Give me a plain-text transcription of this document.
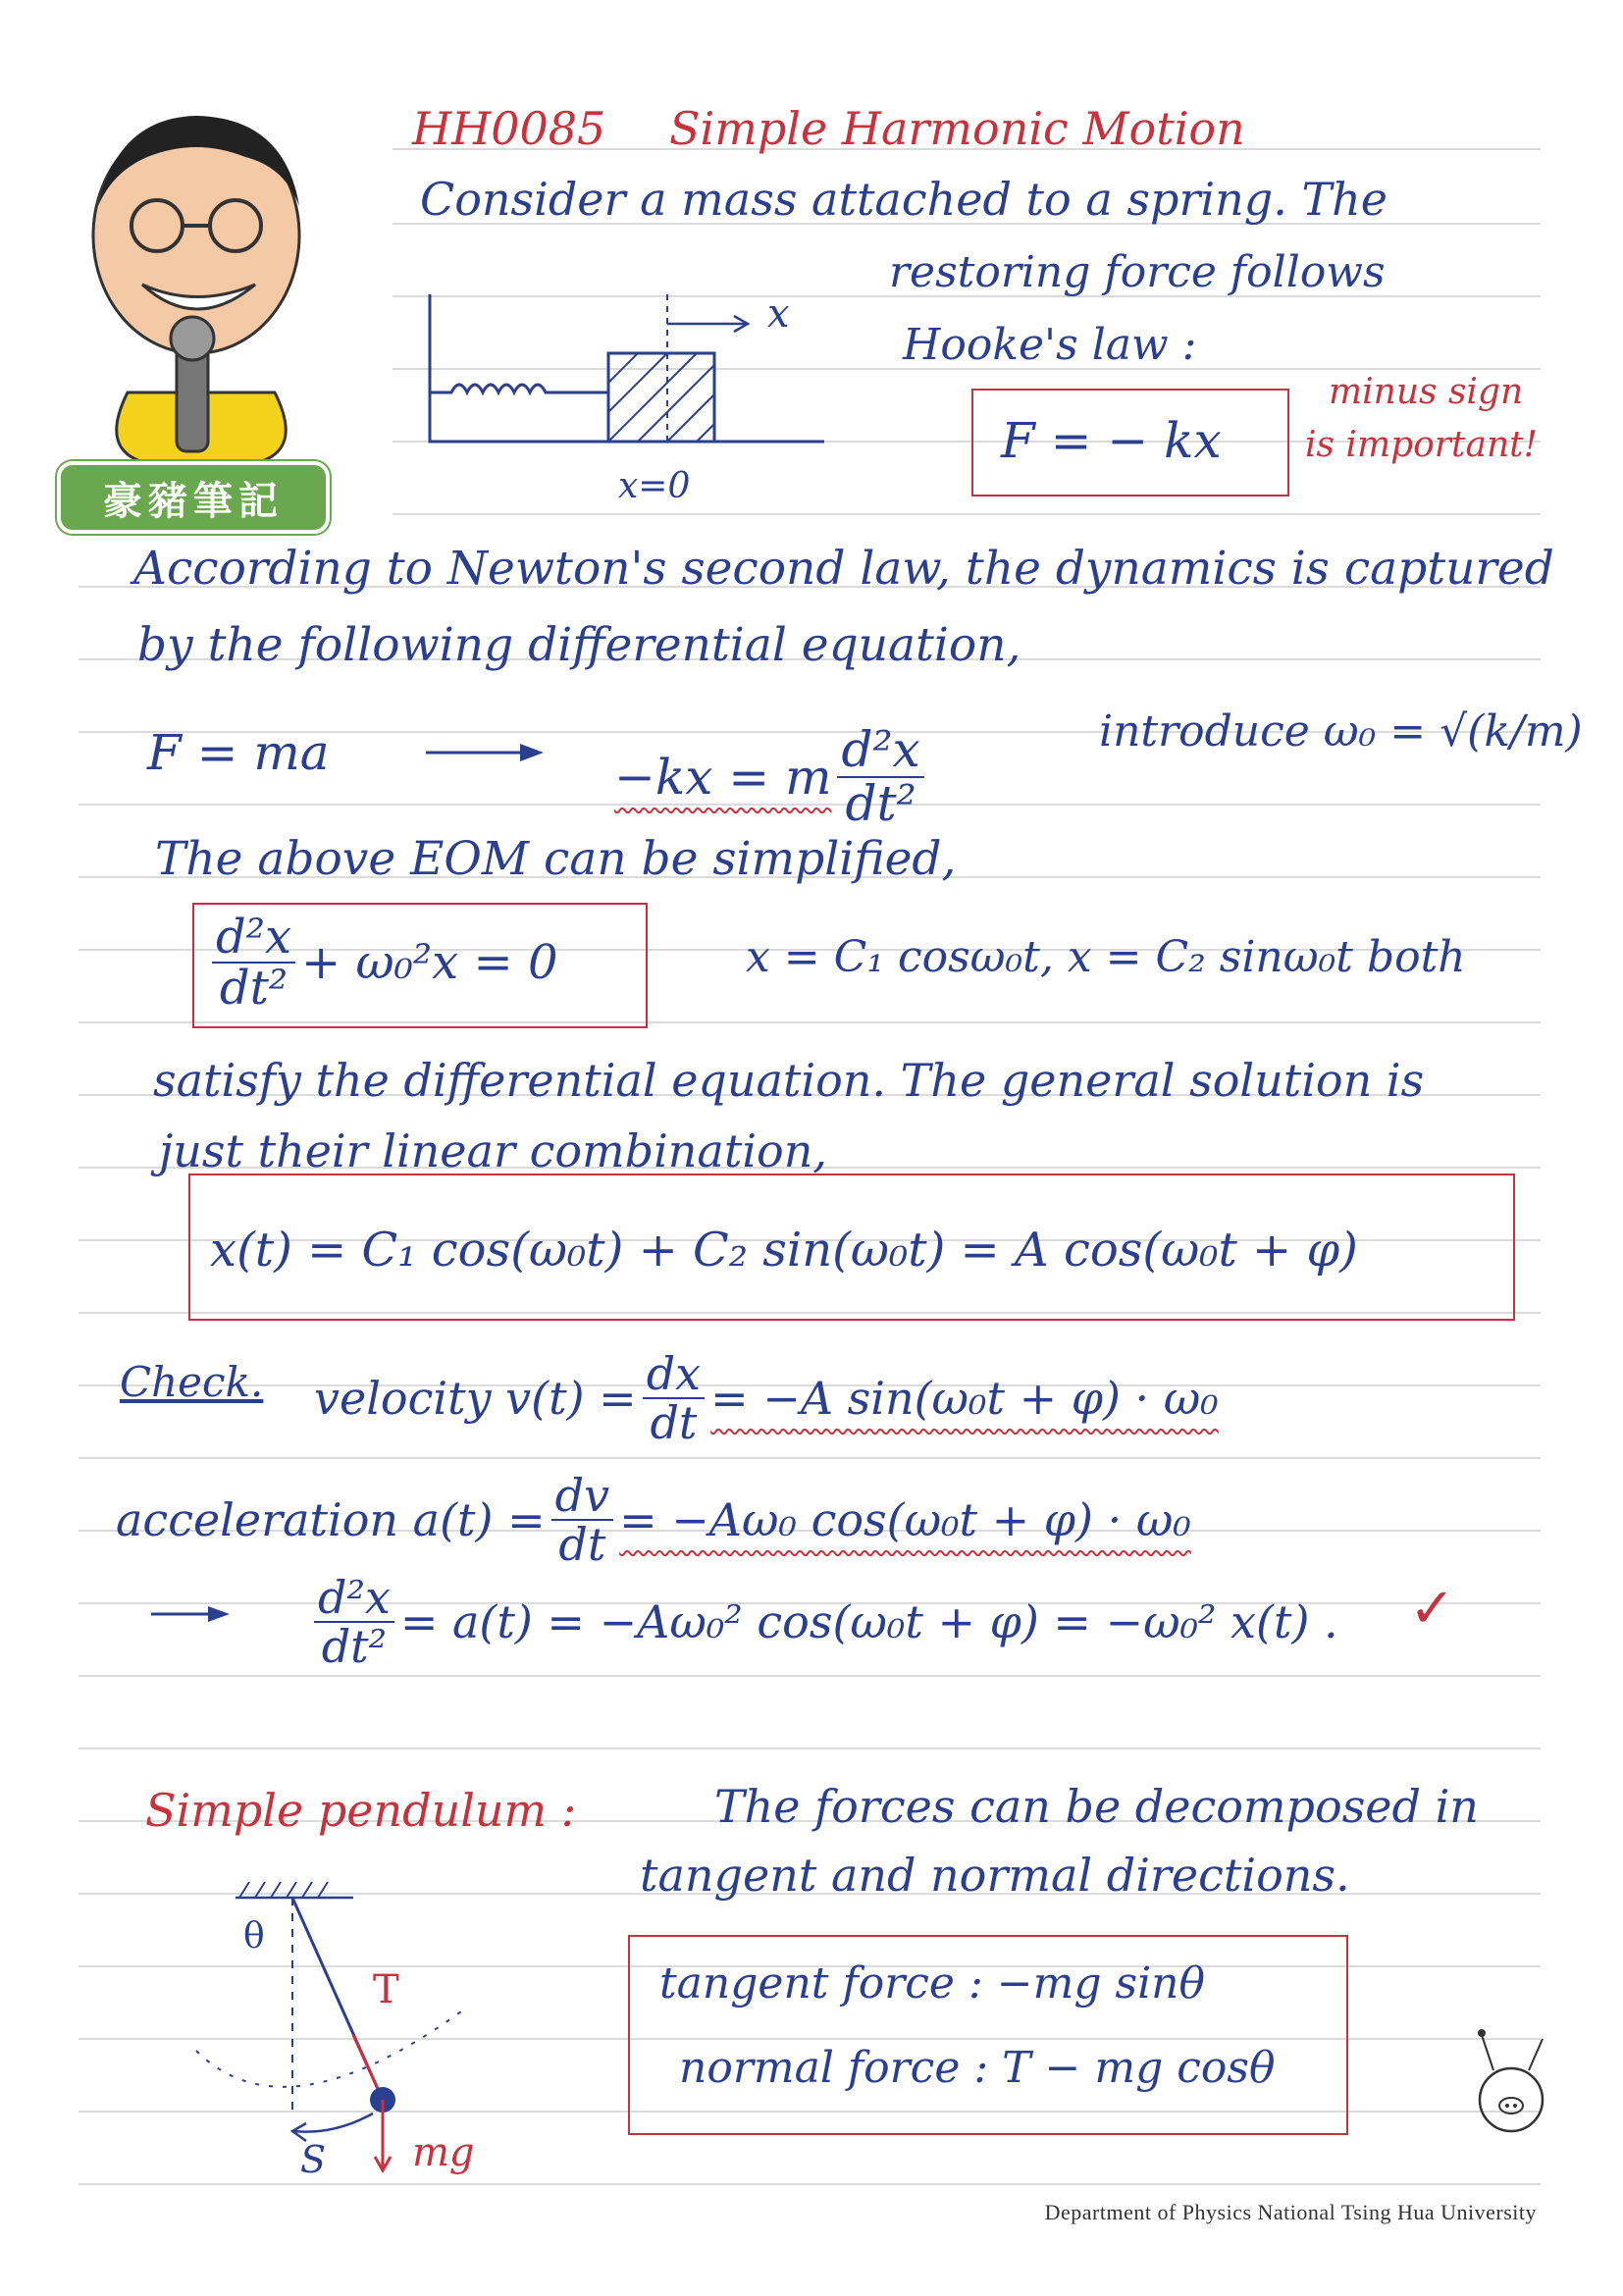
豪豬筆記
HH0085 Simple Harmonic Motion
Consider a mass attached to a spring. The
restoring force follows
Hooke's law :
x
x=0
F = − kx
minus sign
is important!
According to Newton's second law, the dynamics is captured
by the following differential equation,
F = ma	−kx = m $\frac{\text{d²x}}{\text{dt²}}$	introduce ω₀ = √(k/m)
The above EOM can be simplified,
$\frac{\text{d²x}}{\text{dt²}} + \omega_0^2x = 0$	x = C₁ cosω₀t, x = C₂ sinω₀t both
satisfy the differential equation. The general solution is
just their linear combination,
x(t) = C₁ cos(ω₀t) + C₂ sin(ω₀t) = A cos(ω₀t + φ)
Check. velocity $v(t) = \frac{dx}{dt} = -A$ sin(ω₀t + φ) · ω₀
acceleration $a(t) = \frac{dv}{dt} = -A\omega_0$ cos(ω₀t + φ) · ω₀
$\frac{\text{d²x}}{\text{dt²}} = a(t) = -A\omega_0^2$ cos(ω₀t + φ) = −ω₀² x(t) . ✓
Simple pendulum :	The forces can be decomposed in
tangent and normal directions.
θ
T
mg
S
tangent force : −mg sinθ
normal force : T − mg cosθ
Department of Physics National Tsing Hua University
